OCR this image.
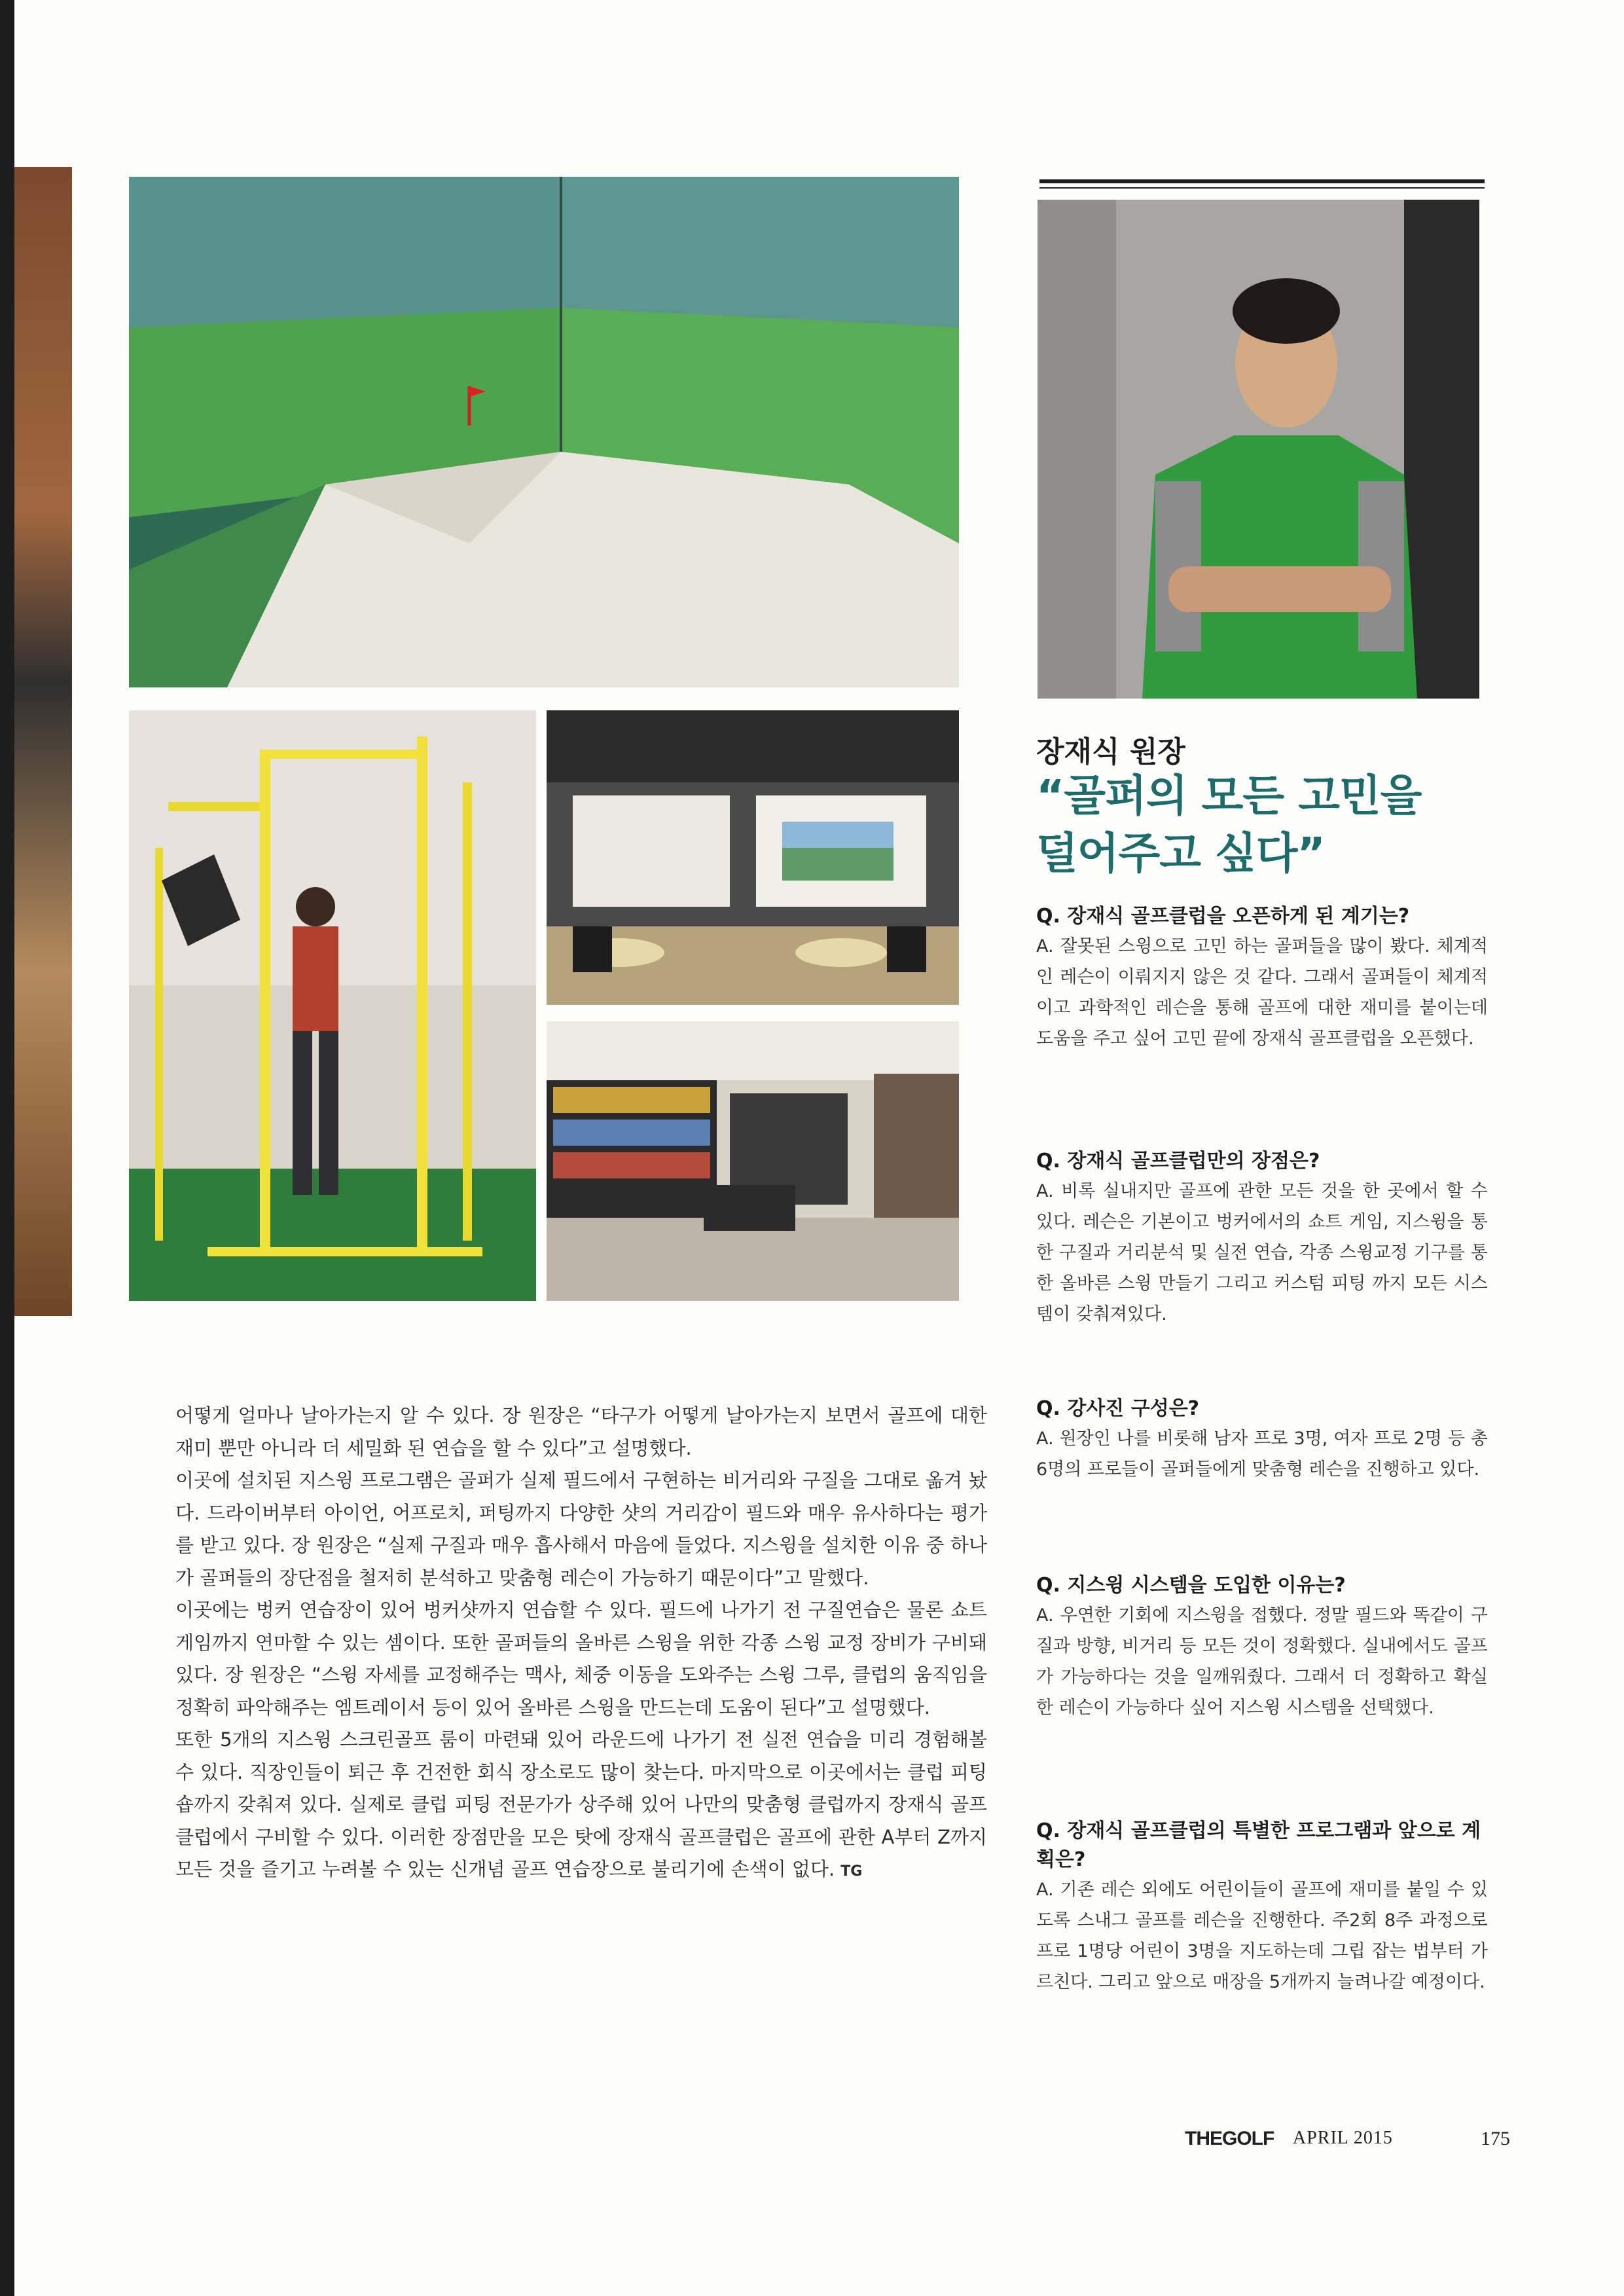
장재식 원장
“골퍼의 모든 고민을
덜어주고 싶다”

Q. 장재식 골프클럽을 오픈하게 된 계기는?

A. 잘못된 스윙으로 고민 하는 골퍼들을 많이 봤다. 체계적인 레슨이 이뤄지지 않은 것 같다. 그래서 골퍼들이 체계적이고 과학적인 레슨을 통해 골프에 대한 재미를 붙이는데 도움을 주고 싶어 고민 끝에 장재식 골프클럽을 오픈했다.

Q. 장재식 골프클럽만의 장점은?

A. 비록 실내지만 골프에 관한 모든 것을 한 곳에서 할 수 있다. 레슨은 기본이고 벙커에서의 쇼트 게임, 지스윙을 통한 구질과 거리분석 및 실전 연습, 각종 스윙교정 기구를 통한 올바른 스윙 만들기 그리고 커스텀 피팅 까지 모든 시스템이 갖춰져있다.

Q. 강사진 구성은?

A. 원장인 나를 비롯해 남자 프로 3명, 여자 프로 2명 등 총6명의 프로들이 골퍼들에게 맞춤형 레슨을 진행하고 있다.

Q. 지스윙 시스템을 도입한 이유는?

A. 우연한 기회에 지스윙을 접했다. 정말 필드와 똑같이 구질과 방향, 비거리 등 모든 것이 정확했다. 실내에서도 골프가 가능하다는 것을 일깨워줬다. 그래서 더 정확하고 확실한 레슨이 가능하다 싶어 지스윙 시스템을 선택했다.

Q. 장재식 골프클럽의 특별한 프로그램과 앞으로 계획은?

A. 기존 레슨 외에도 어린이들이 골프에 재미를 붙일 수 있도록 스내그 골프를 레슨을 진행한다. 주2회 8주 과정으로 프로 1명당 어린이 3명을 지도하는데 그립 잡는 법부터 가르친다. 그리고 앞으로 매장을 5개까지 늘려나갈 예정이다.

어떻게 얼마나 날아가는지 알 수 있다. 장 원장은 “타구가 어떻게 날아가는지 보면서 골프에 대한 재미 뿐만 아니라 더 세밀화 된 연습을 할 수 있다”고 설명했다.

이곳에 설치된 지스윙 프로그램은 골퍼가 실제 필드에서 구현하는 비거리와 구질을 그대로 옮겨 놨다. 드라이버부터 아이언, 어프로치, 퍼팅까지 다양한 샷의 거리감이 필드와 매우 유사하다는 평가를 받고 있다. 장 원장은 “실제 구질과 매우 흡사해서 마음에 들었다. 지스윙을 설치한 이유 중 하나가 골퍼들의 장단점을 철저히 분석하고 맞춤형 레슨이 가능하기 때문이다”고 말했다.

이곳에는 벙커 연습장이 있어 벙커샷까지 연습할 수 있다. 필드에 나가기 전 구질연습은 물론 쇼트 게임까지 연마할 수 있는 셈이다. 또한 골퍼들의 올바른 스윙을 위한 각종 스윙 교정 장비가 구비돼 있다. 장 원장은 “스윙 자세를 교정해주는 맥사, 체중 이동을 도와주는 스윙 그루, 클럽의 움직임을 정확히 파악해주는 엠트레이서 등이 있어 올바른 스윙을 만드는데 도움이 된다”고 설명했다.

또한 5개의 지스윙 스크린골프 룸이 마련돼 있어 라운드에 나가기 전 실전 연습을 미리 경험해볼 수 있다. 직장인들이 퇴근 후 건전한 회식 장소로도 많이 찾는다. 마지막으로 이곳에서는 클럽 피팅숍까지 갖춰져 있다. 실제로 클럽 피팅 전문가가 상주해 있어 나만의 맞춤형 클럽까지 장재식 골프클럽에서 구비할 수 있다. 이러한 장점만을 모은 탓에 장재식 골프클럽은 골프에 관한 A부터 Z까지 모든 것을 즐기고 누려볼 수 있는 신개념 골프 연습장으로 불리기에 손색이 없다. TG

THEGOLF APRIL 2015	175
